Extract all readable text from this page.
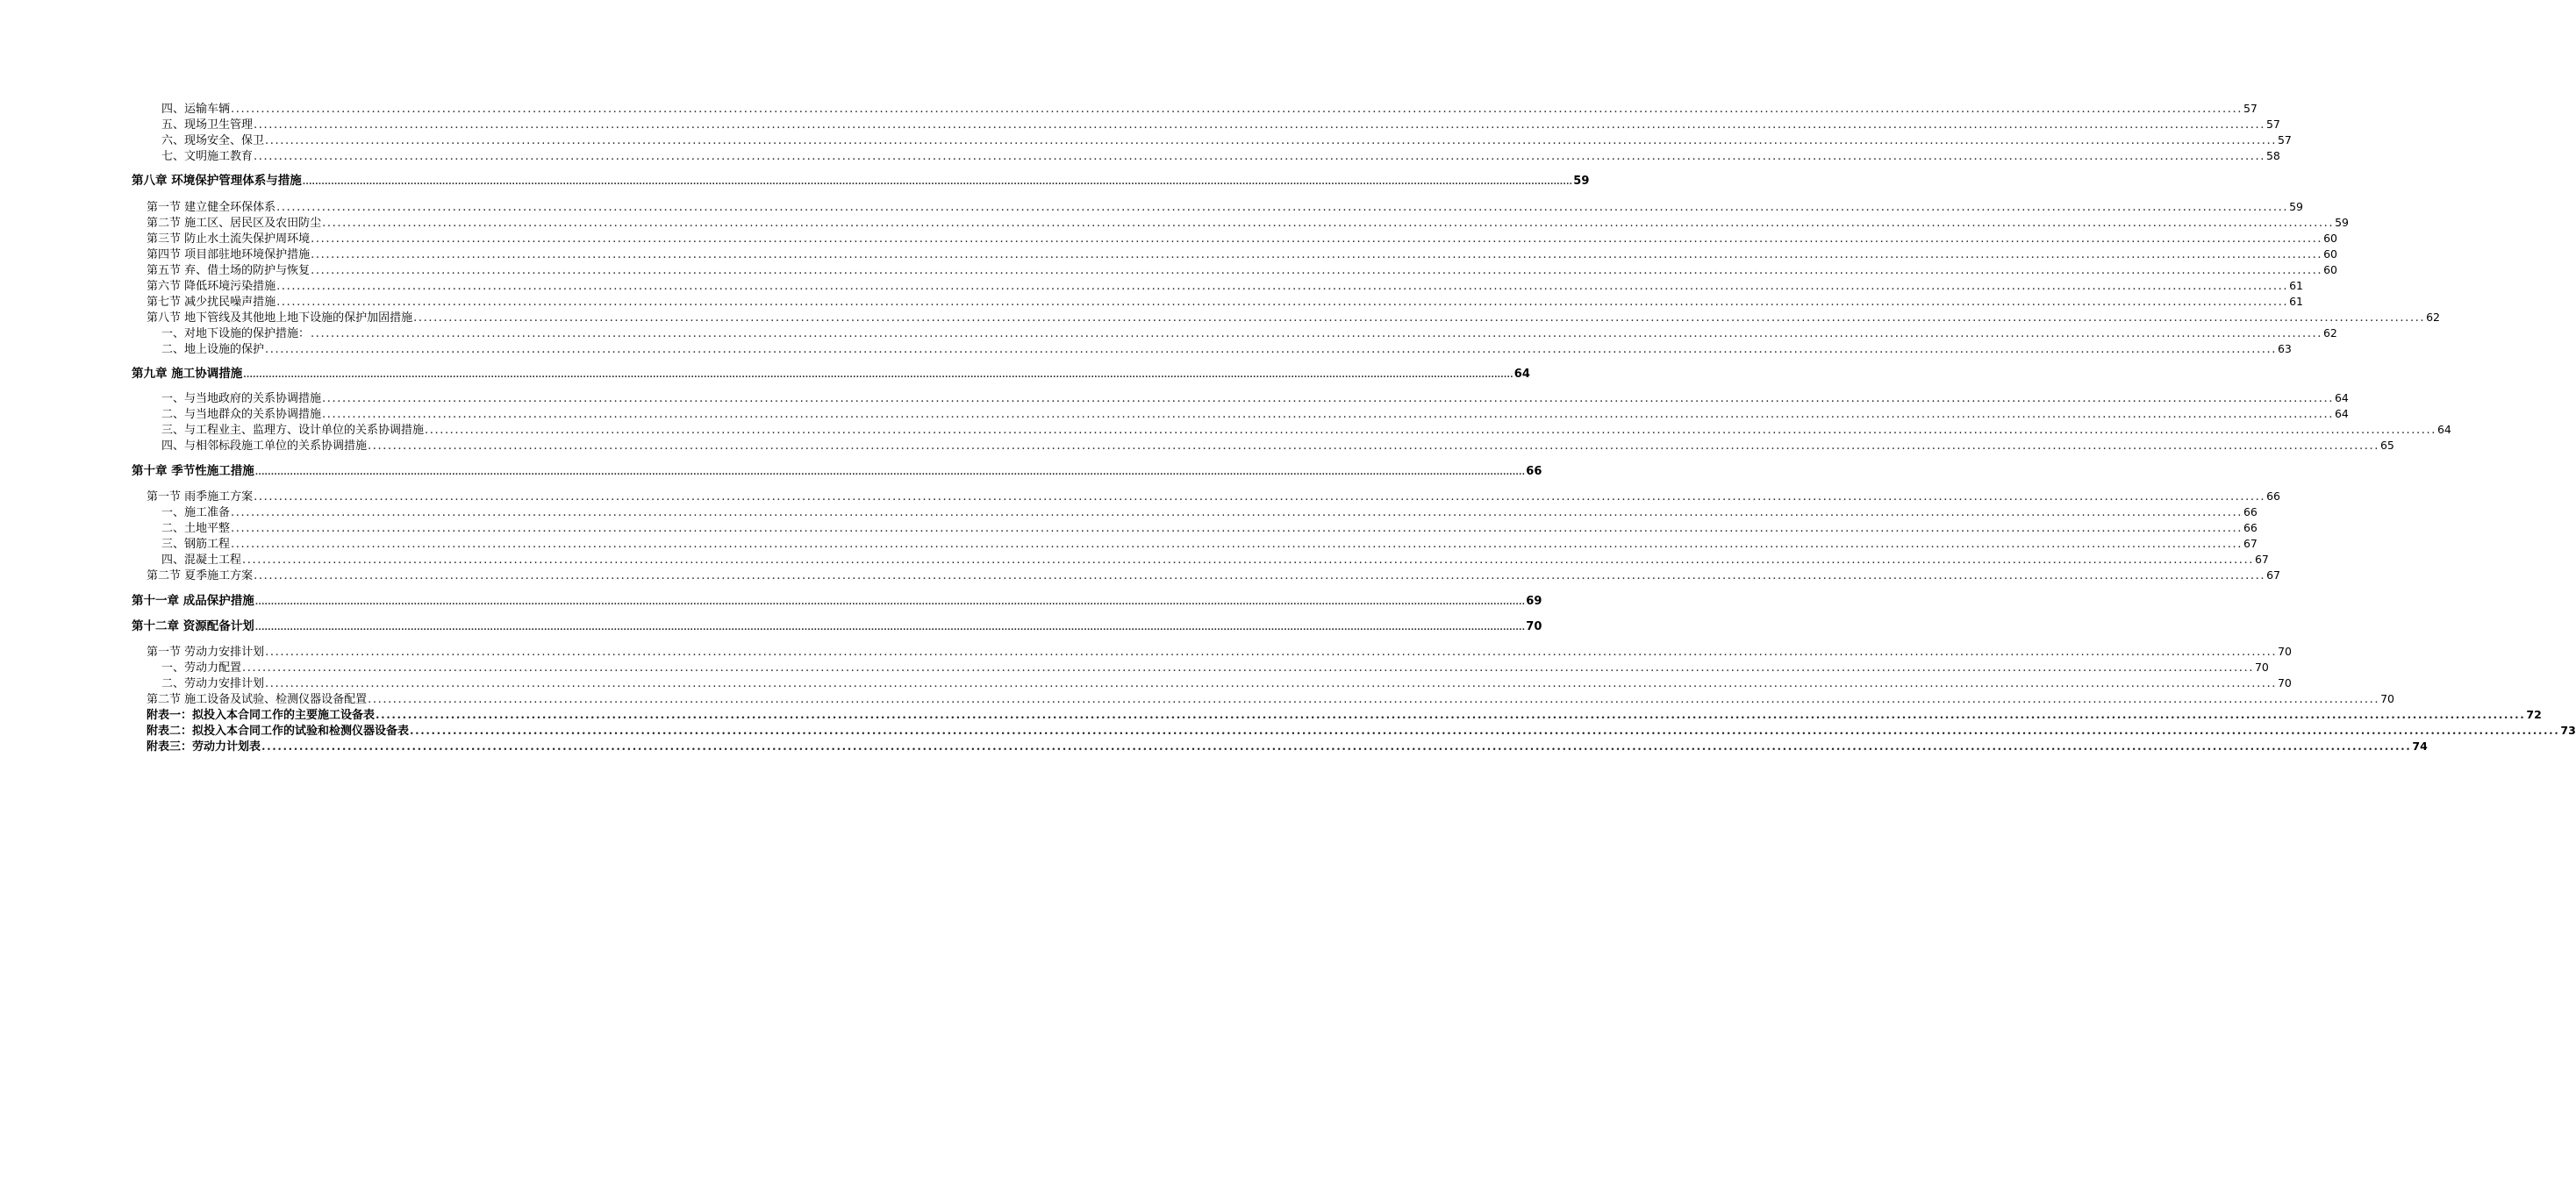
四、运输车辆 ................................................................................................................................................................................................................................................................................................................................................................................................................ 57
五、现场卫生管理 ................................................................................................................................................................................................................................................................................................................................................................................................................ 57
六、现场安全、保卫 ................................................................................................................................................................................................................................................................................................................................................................................................................ 57
七、文明施工教育 ................................................................................................................................................................................................................................................................................................................................................................................................................ 58
第八章 环境保护管理体系与措施 ................................................................................................................................................................................................................................................................................................................................................................................................................ 59
第一节 建立健全环保体系 ................................................................................................................................................................................................................................................................................................................................................................................................................ 59
第二节 施工区、居民区及农田防尘 ................................................................................................................................................................................................................................................................................................................................................................................................................ 59
第三节 防止水土流失保护周环境 ................................................................................................................................................................................................................................................................................................................................................................................................................ 60
第四节 项目部驻地环境保护措施 ................................................................................................................................................................................................................................................................................................................................................................................................................ 60
第五节 弃、借土场的防护与恢复 ................................................................................................................................................................................................................................................................................................................................................................................................................ 60
第六节 降低环境污染措施 ................................................................................................................................................................................................................................................................................................................................................................................................................ 61
第七节 减少扰民噪声措施 ................................................................................................................................................................................................................................................................................................................................................................................................................ 61
第八节 地下管线及其他地上地下设施的保护加固措施 ................................................................................................................................................................................................................................................................................................................................................................................................................ 62
一、对地下设施的保护措施： ................................................................................................................................................................................................................................................................................................................................................................................................................ 62
二、地上设施的保护 ................................................................................................................................................................................................................................................................................................................................................................................................................ 63
第九章 施工协调措施 ................................................................................................................................................................................................................................................................................................................................................................................................................ 64
一、与当地政府的关系协调措施 ................................................................................................................................................................................................................................................................................................................................................................................................................ 64
二、与当地群众的关系协调措施 ................................................................................................................................................................................................................................................................................................................................................................................................................ 64
三、与工程业主、监理方、设计单位的关系协调措施 ................................................................................................................................................................................................................................................................................................................................................................................................................ 64
四、与相邻标段施工单位的关系协调措施 ................................................................................................................................................................................................................................................................................................................................................................................................................ 65
第十章 季节性施工措施 ................................................................................................................................................................................................................................................................................................................................................................................................................ 66
第一节 雨季施工方案 ................................................................................................................................................................................................................................................................................................................................................................................................................ 66
一、施工准备 ................................................................................................................................................................................................................................................................................................................................................................................................................ 66
二、土地平整 ................................................................................................................................................................................................................................................................................................................................................................................................................ 66
三、钢筋工程 ................................................................................................................................................................................................................................................................................................................................................................................................................ 67
四、混凝土工程 ................................................................................................................................................................................................................................................................................................................................................................................................................ 67
第二节 夏季施工方案 ................................................................................................................................................................................................................................................................................................................................................................................................................ 67
第十一章 成品保护措施 ................................................................................................................................................................................................................................................................................................................................................................................................................ 69
第十二章 资源配备计划 ................................................................................................................................................................................................................................................................................................................................................................................................................ 70
第一节 劳动力安排计划 ................................................................................................................................................................................................................................................................................................................................................................................................................ 70
一、劳动力配置 ................................................................................................................................................................................................................................................................................................................................................................................................................ 70
二、劳动力安排计划 ................................................................................................................................................................................................................................................................................................................................................................................................................ 70
第二节 施工设备及试验、检测仪器设备配置 ................................................................................................................................................................................................................................................................................................................................................................................................................ 70
附表一：拟投入本合同工作的主要施工设备表 ................................................................................................................................................................................................................................................................................................................................................................................................................ 72
附表二：拟投入本合同工作的试验和检测仪器设备表 ................................................................................................................................................................................................................................................................................................................................................................................................................ 73
附表三：劳动力计划表 ................................................................................................................................................................................................................................................................................................................................................................................................................ 74
